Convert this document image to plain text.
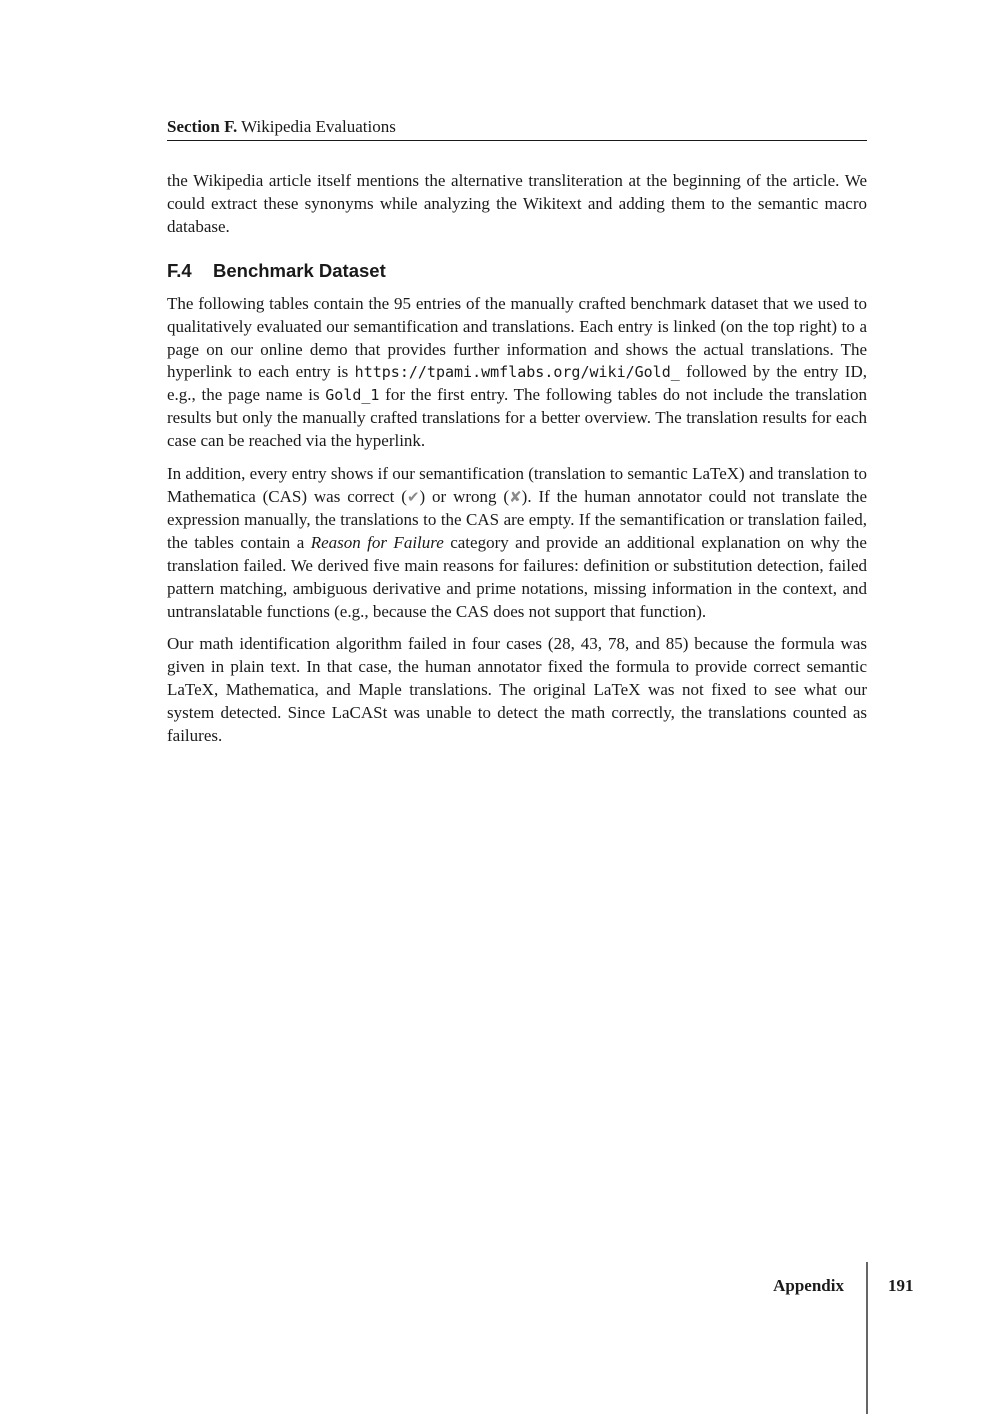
Section F. Wikipedia Evaluations

the Wikipedia article itself mentions the alternative transliteration at the beginning of the article. We could extract these synonyms while analyzing the Wikitext and adding them to the semantic macro database.

F.4 Benchmark Dataset

The following tables contain the 95 entries of the manually crafted benchmark dataset that we used to qualitatively evaluated our semantification and translations. Each entry is linked (on the top right) to a page on our online demo that provides further information and shows the actual translations. The hyperlink to each entry is https://tpami.wmflabs.org/wiki/Gold_ followed by the entry ID, e.g., the page name is Gold_1 for the first entry. The following tables do not include the translation results but only the manually crafted translations for a better overview. The translation results for each case can be reached via the hyperlink.

In addition, every entry shows if our semantification (translation to semantic LaTeX) and translation to Mathematica (CAS) was correct (✔) or wrong (✘). If the human annotator could not translate the expression manually, the translations to the CAS are empty. If the semantification or translation failed, the tables contain a Reason for Failure category and provide an additional explanation on why the translation failed. We derived five main reasons for failures: definition or substitution detection, failed pattern matching, ambiguous derivative and prime notations, missing information in the context, and untranslatable functions (e.g., because the CAS does not support that function).

Our math identification algorithm failed in four cases (28, 43, 78, and 85) because the formula was given in plain text. In that case, the human annotator fixed the formula to provide correct semantic LaTeX, Mathematica, and Maple translations. The original LaTeX was not fixed to see what our system detected. Since LaCASt was unable to detect the math correctly, the translations counted as failures.

Appendix	191
